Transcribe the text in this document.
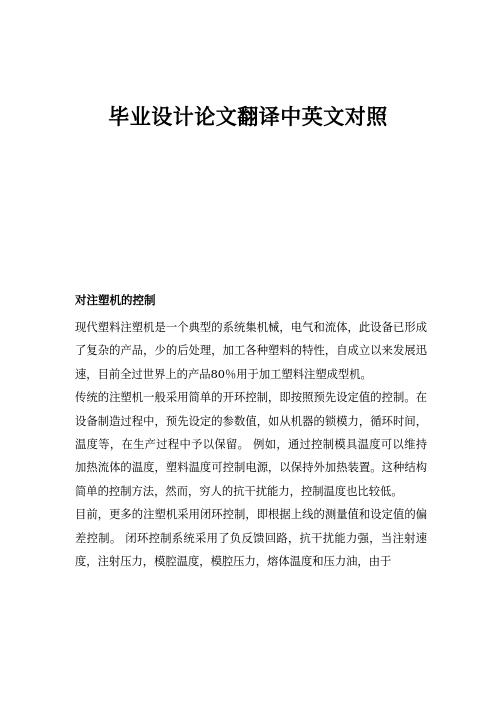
毕业设计论文翻译中英文对照
对注塑机的控制

现代塑料注塑机是一个典型的系统集机械，电气和流体，此设备已形成了复杂的产品，少的后处理，加工各种塑料的特性，自成立以来发展迅速，目前全过世界上的产品80％用于加工塑料注塑成型机。

传统的注塑机一般采用简单的开环控制，即按照预先设定值的控制。在设备制造过程中，预先设定的参数值，如从机器的锁模力，循环时间，温度等，在生产过程中予以保留。 例如，通过控制模具温度可以维持加热流体的温度，塑料温度可控制电源，以保持外加热装置。这种结构简单的控制方法，然而，穷人的抗干扰能力，控制温度也比较低。

目前，更多的注塑机采用闭环控制，即根据上线的测量值和设定值的偏差控制。 闭环控制系统采用了负反馈回路，抗干扰能力强，当注射速度，注射压力，模腔温度，模腔压力，熔体温度和压力油，由于
